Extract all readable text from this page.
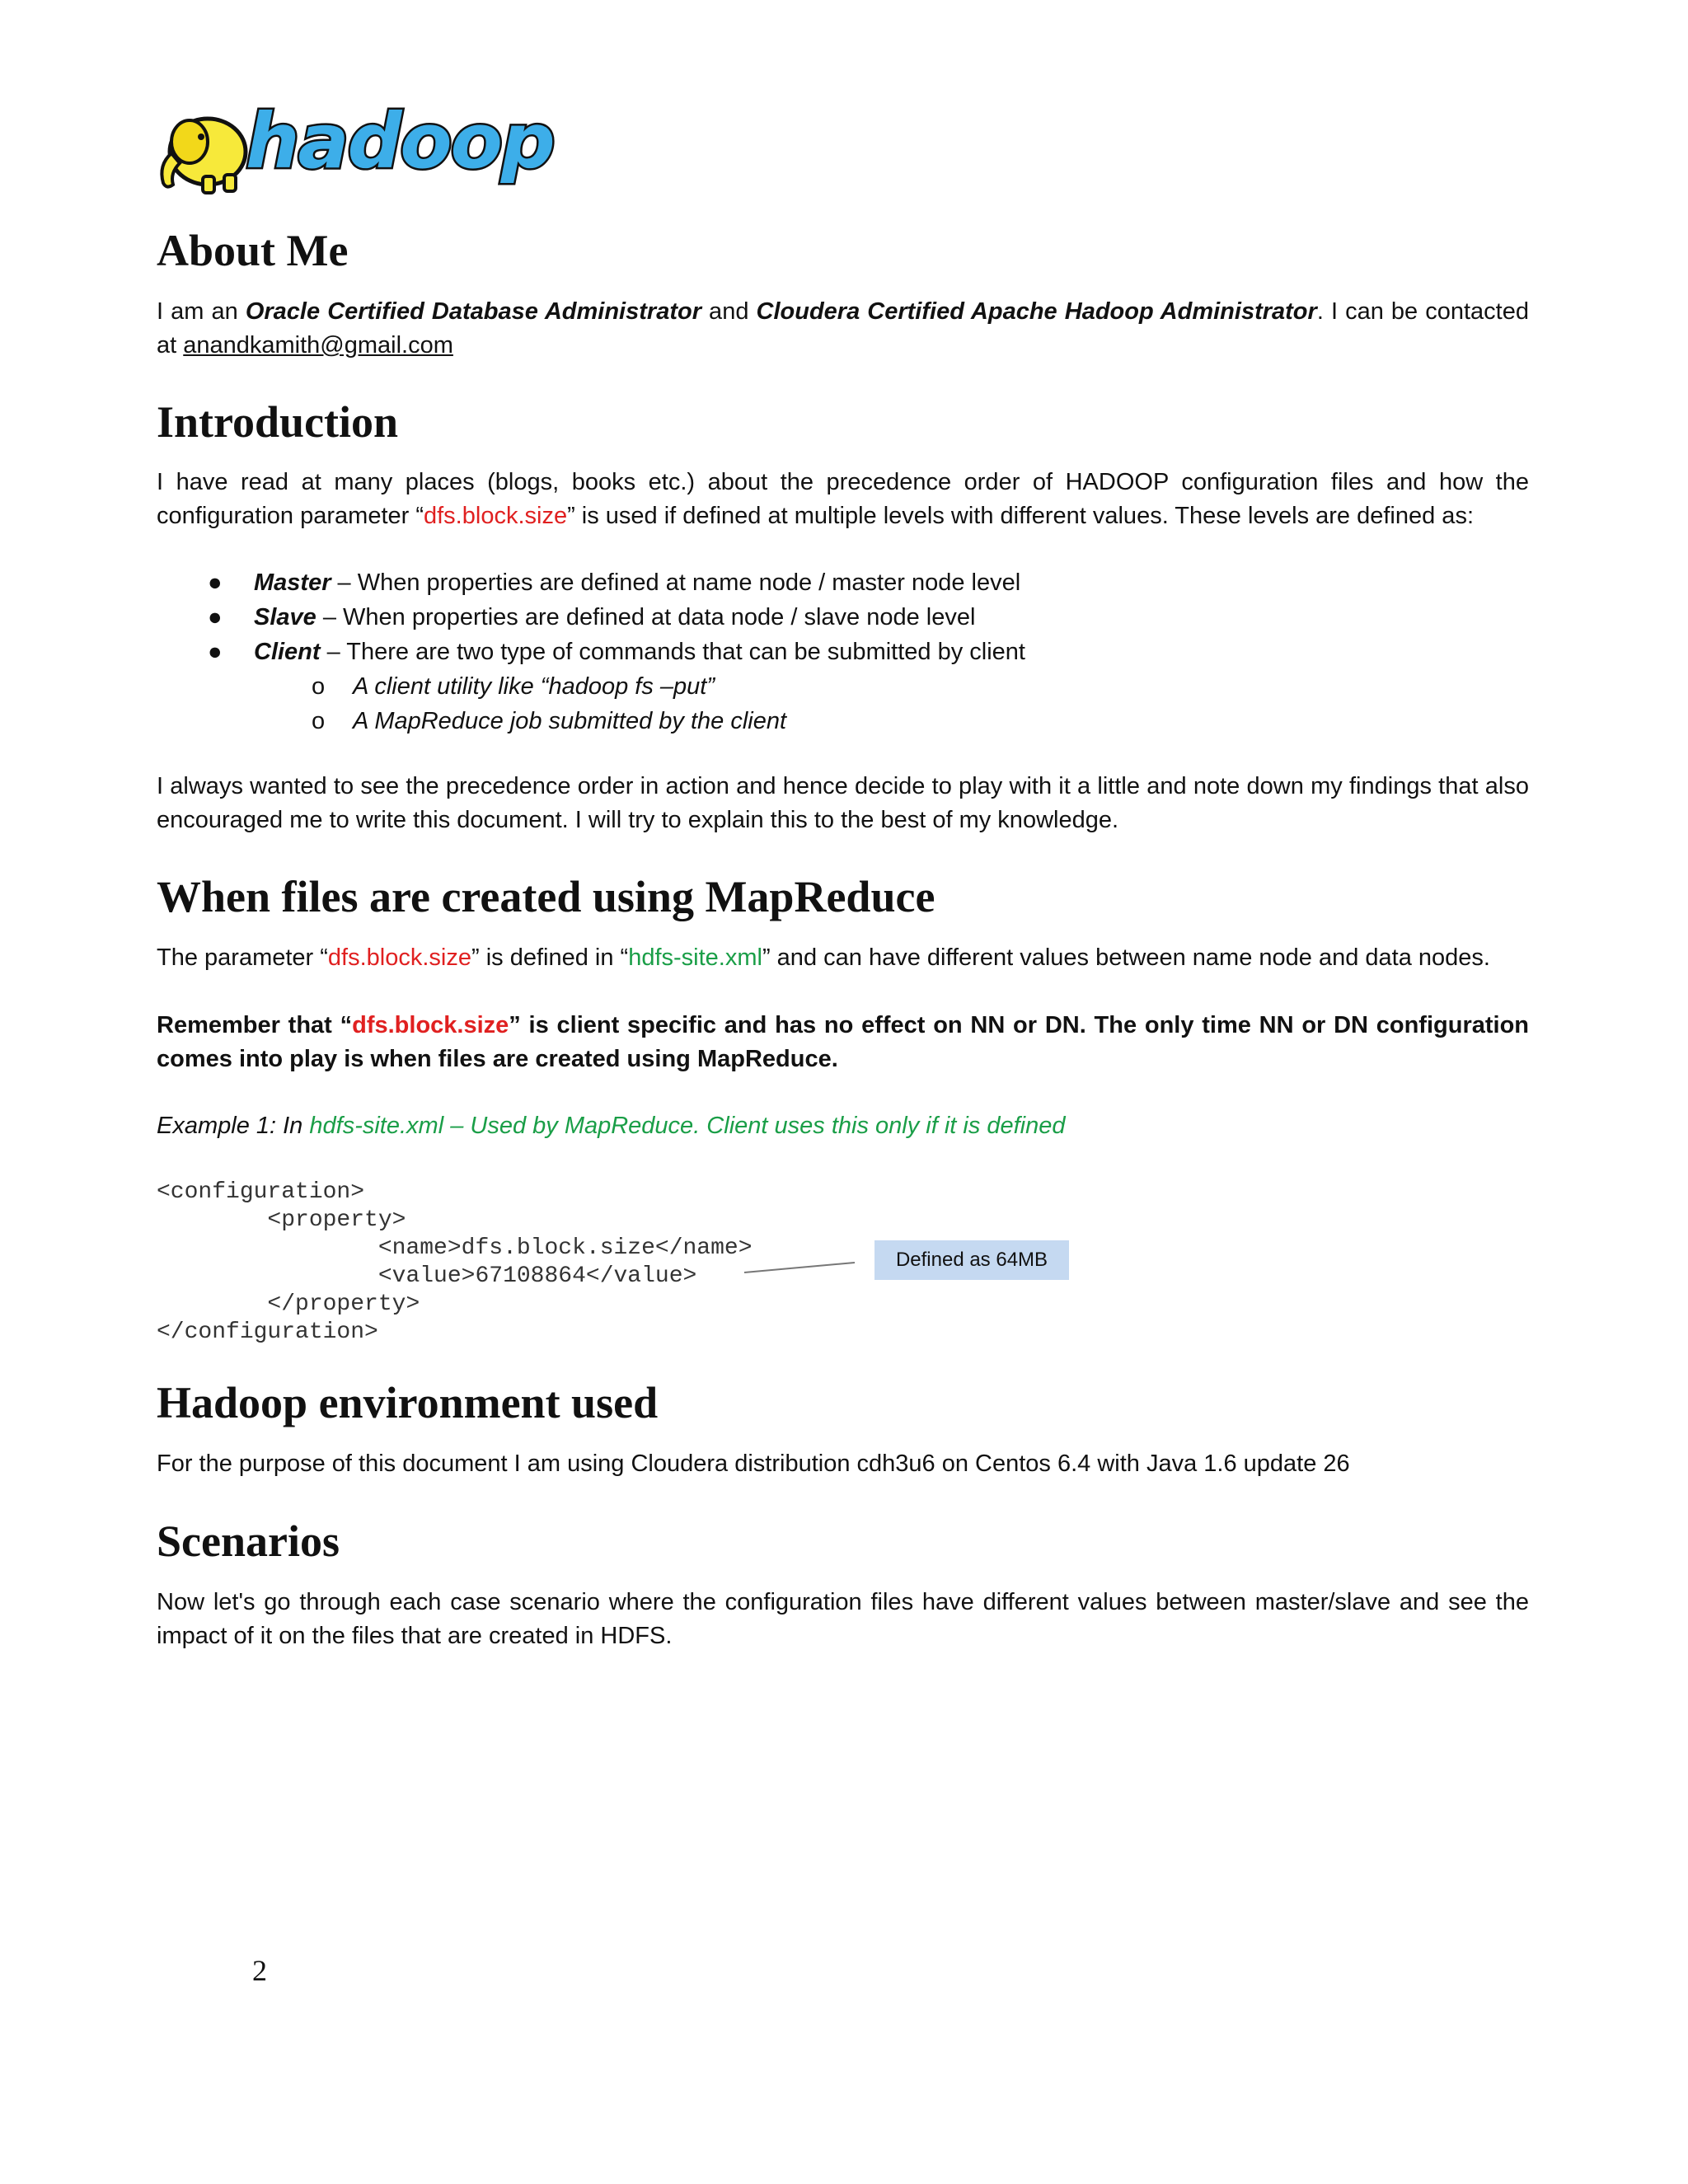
hadoop
About Me

I am an Oracle Certified Database Administrator and Cloudera Certified Apache Hadoop Administrator. I can be contacted at anandkamith@gmail.com

Introduction

I have read at many places (blogs, books etc.) about the precedence order of HADOOP configuration files and how the configuration parameter “dfs.block.size” is used if defined at multiple levels with different values. These levels are defined as:

● Master – When properties are defined at name node / master node level
● Slave – When properties are defined at data node / slave node level
● Client – There are two type of commands that can be submitted by client
o A client utility like “hadoop fs –put”
o A MapReduce job submitted by the client

I always wanted to see the precedence order in action and hence decide to play with it a little and note down my findings that also encouraged me to write this document. I will try to explain this to the best of my knowledge.

When files are created using MapReduce

The parameter “dfs.block.size” is defined in “hdfs-site.xml” and can have different values between name node and data nodes.

Remember that “dfs.block.size” is client specific and has no effect on NN or DN. The only time NN or DN configuration comes into play is when files are created using MapReduce.

Example 1: In hdfs-site.xml – Used by MapReduce. Client uses this only if it is defined

<configuration>
<property>
<name>dfs.block.size</name>
<value>67108864</value>
</property>
</configuration>
Defined as 64MB
Hadoop environment used

For the purpose of this document I am using Cloudera distribution cdh3u6 on Centos 6.4 with Java 1.6 update 26

Scenarios

Now let's go through each case scenario where the configuration files have different values between master/slave and see the impact of it on the files that are created in HDFS.

2
